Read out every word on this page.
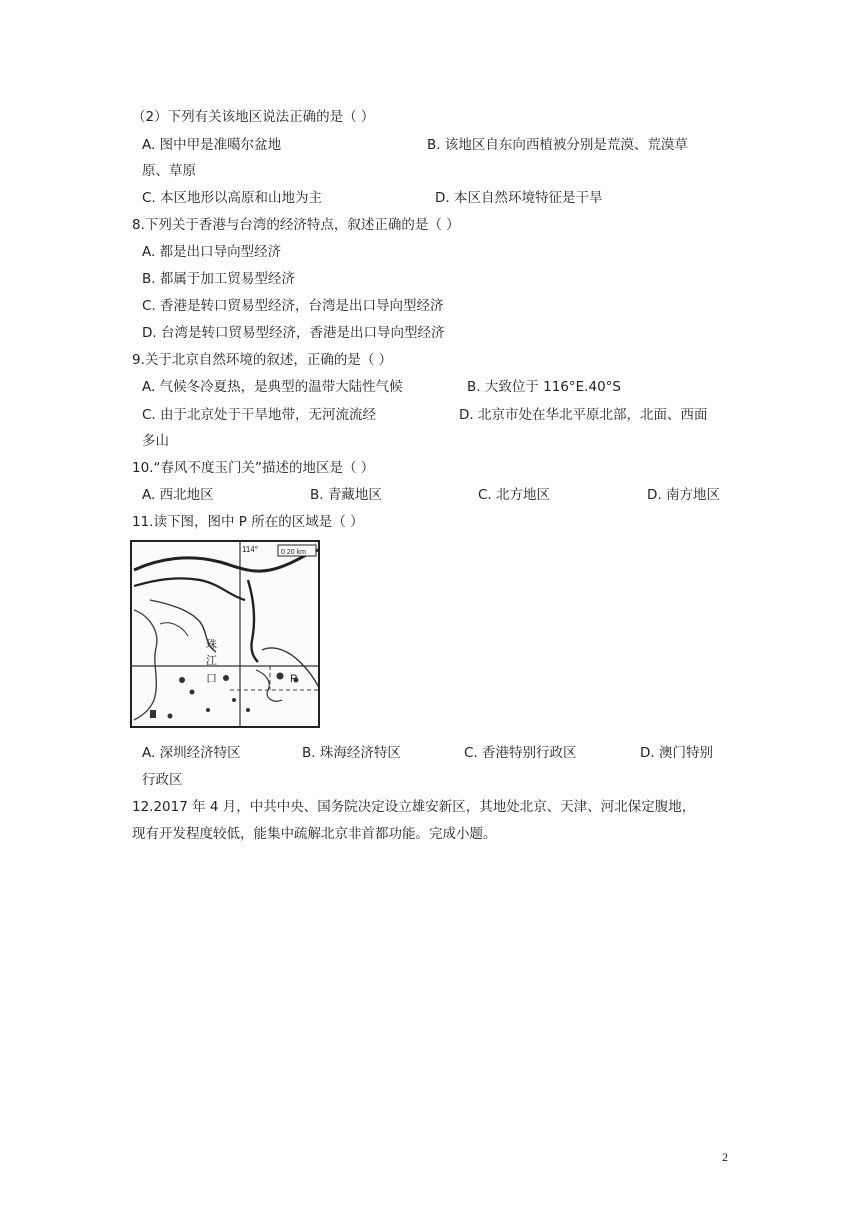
（2）下列有关该地区说法正确的是（ ）
A. 图中甲是准噶尔盆地	B. 该地区自东向西植被分别是荒漠、荒漠草
原、草原
C. 本区地形以高原和山地为主	D. 本区自然环境特征是干旱
8.下列关于香港与台湾的经济特点，叙述正确的是（ ）
A. 都是出口导向型经济
B. 都属于加工贸易型经济
C. 香港是转口贸易型经济，台湾是出口导向型经济
D. 台湾是转口贸易型经济，香港是出口导向型经济
9.关于北京自然环境的叙述，正确的是（ ）
A. 气候冬冷夏热，是典型的温带大陆性气候	B. 大致位于 116°E.40°S
C. 由于北京处于干旱地带，无河流流经	D. 北京市处在华北平原北部，北面、西面
多山
10.“春风不度玉门关”描述的地区是（ ）
A. 西北地区	B. 青藏地区	C. 北方地区	D. 南方地区
11.读下图，图中 P 所在的区域是（ ）
0 20 km
114°
珠
江
口	P
A. 深圳经济特区	B. 珠海经济特区	C. 香港特别行政区	D. 澳门特别
行政区
12.2017 年 4 月，中共中央、国务院决定设立雄安新区，其地处北京、天津、河北保定腹地，
现有开发程度较低，能集中疏解北京非首都功能。完成小题。
2
